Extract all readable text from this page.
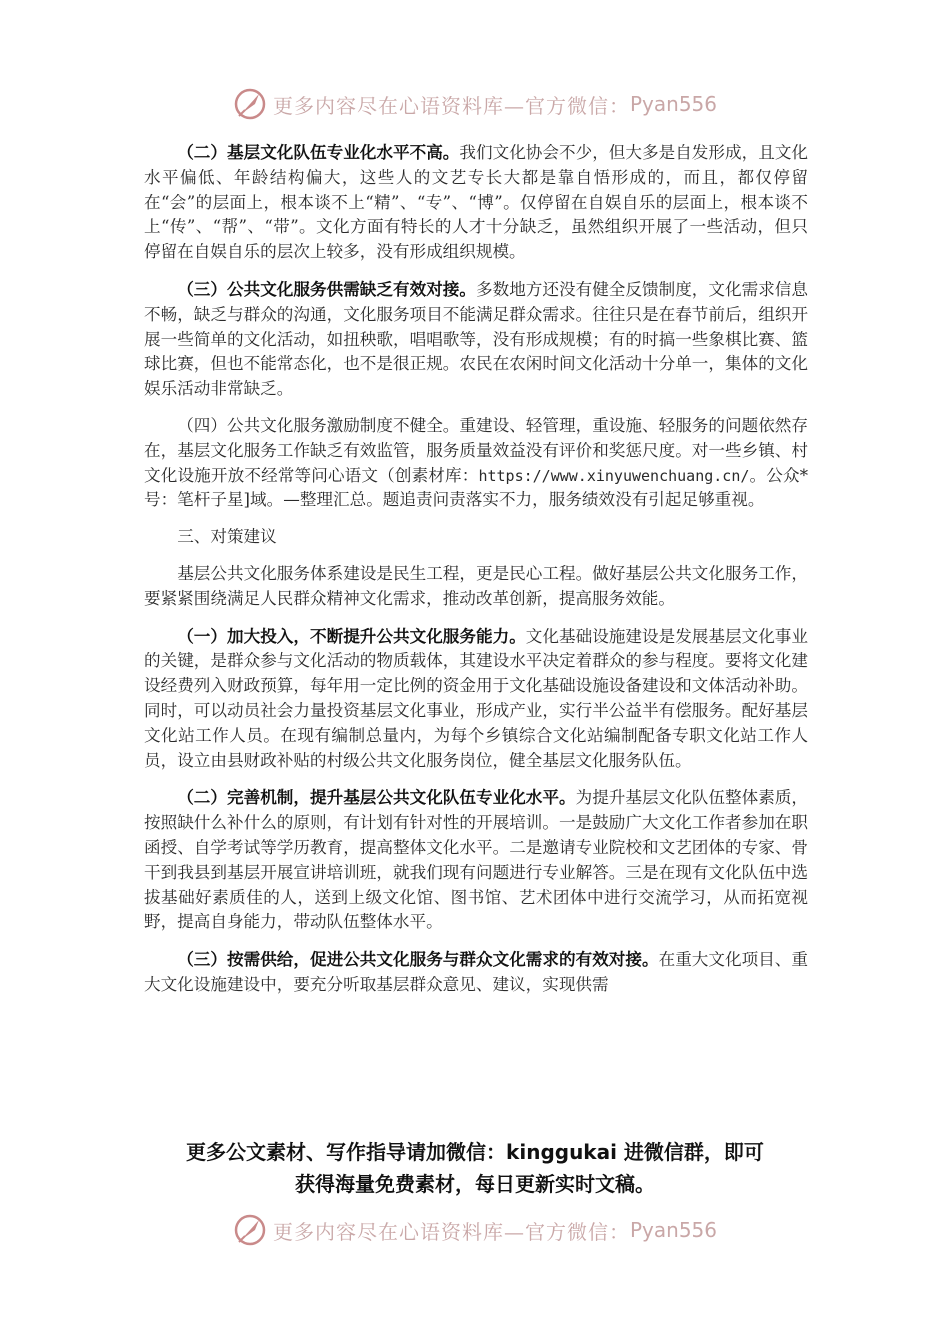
更多内容尽在心语资料库—官方微信： Pyan556

（二）基层文化队伍专业化水平不高。我们文化协会不少，但大多是自发形成，且文化水平偏低、年龄结构偏大，这些人的文艺专长大都是靠自悟形成的，而且，都仅停留在“会”的层面上，根本谈不上“精”、“专”、“博”。仅停留在自娱自乐的层面上，根本谈不上“传”、“帮”、“带”。文化方面有特长的人才十分缺乏，虽然组织开展了一些活动，但只停留在自娱自乐的层次上较多，没有形成组织规模。

（三）公共文化服务供需缺乏有效对接。多数地方还没有健全反馈制度，文化需求信息不畅，缺乏与群众的沟通，文化服务项目不能满足群众需求。往往只是在春节前后，组织开展一些简单的文化活动，如扭秧歌，唱唱歌等，没有形成规模；有的时搞一些象棋比赛、篮球比赛，但也不能常态化，也不是很正规。农民在农闲时间文化活动十分单一，集体的文化娱乐活动非常缺乏。

（四）公共文化服务激励制度不健全。重建设、轻管理，重设施、轻服务的问题依然存在，基层文化服务工作缺乏有效监管，服务质量效益没有评价和奖惩尺度。对一些乡镇、村文化设施开放不经常等问心语文（创素材库：https://www.xinyuwenchuang.cn/。公众*号：笔杆子星]域。—整理汇总。题追责问责落实不力，服务绩效没有引起足够重视。

三、对策建议

基层公共文化服务体系建设是民生工程，更是民心工程。做好基层公共文化服务工作，要紧紧围绕满足人民群众精神文化需求，推动改革创新，提高服务效能。

（一）加大投入，不断提升公共文化服务能力。文化基础设施建设是发展基层文化事业的关键，是群众参与文化活动的物质载体，其建设水平决定着群众的参与程度。要将文化建设经费列入财政预算，每年用一定比例的资金用于文化基础设施设备建设和文体活动补助。同时，可以动员社会力量投资基层文化事业，形成产业，实行半公益半有偿服务。配好基层文化站工作人员。在现有编制总量内，为每个乡镇综合文化站编制配备专职文化站工作人员，设立由县财政补贴的村级公共文化服务岗位，健全基层文化服务队伍。

（二）完善机制，提升基层公共文化队伍专业化水平。为提升基层文化队伍整体素质，按照缺什么补什么的原则，有计划有针对性的开展培训。一是鼓励广大文化工作者参加在职函授、自学考试等学历教育，提高整体文化水平。二是邀请专业院校和文艺团体的专家、骨干到我县到基层开展宣讲培训班，就我们现有问题进行专业解答。三是在现有文化队伍中选拔基础好素质佳的人，送到上级文化馆、图书馆、艺术团体中进行交流学习，从而拓宽视野，提高自身能力，带动队伍整体水平。

（三）按需供给，促进公共文化服务与群众文化需求的有效对接。在重大文化项目、重大文化设施建设中，要充分听取基层群众意见、建议，实现供需

更多公文素材、写作指导请加微信：kinggukai 进微信群，即可
获得海量免费素材，每日更新实时文稿。
更多内容尽在心语资料库—官方微信： Pyan556
